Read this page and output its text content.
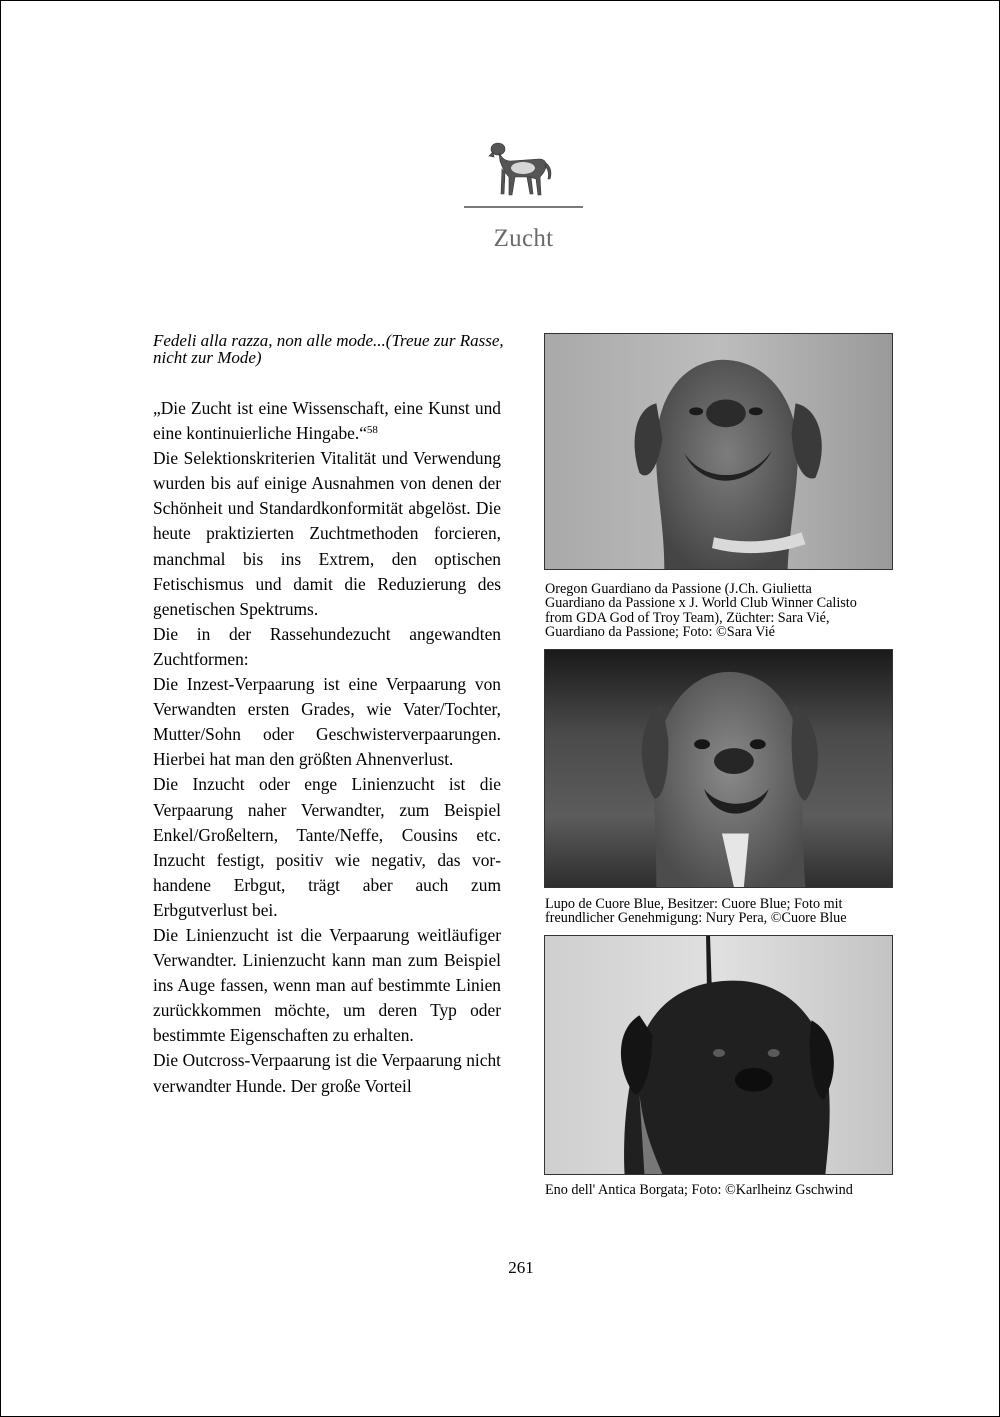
Zucht
Fedeli alla razza, non alle mode...(Treue zur Rasse, nicht zur Mode)

„Die Zucht ist eine Wissenschaft, eine Kunst und eine kontinuierliche Hingabe.“$^{58}$

Die Selektionskriterien Vitalität und Verwendung wurden bis auf einige Ausnahmen von denen der Schönheit und Standardkonformität abgelöst. Die heute praktizierten Zuchtmethoden forcieren, manchmal bis ins Extrem, den optischen Fetischismus und damit die Reduzierung des genetischen Spektrums.

Die in der Rassehundezucht angewandten Zuchtformen:

Die Inzest-Verpaarung ist eine Verpaarung von Verwandten ersten Grades, wie Vater/Tochter, Mutter/Sohn oder Geschwisterverpaarungen. Hierbei hat man den größten Ahnenverlust.

Die Inzucht oder enge Linienzucht ist die Verpaarung naher Verwandter, zum Beispiel Enkel/Großeltern, Tante/Neffe, Cousins etc. Inzucht festigt, positiv wie negativ, das vorhandene Erbgut, trägt aber auch zum Erbgutverlust bei.

Die Linienzucht ist die Verpaarung weitläufiger Verwandter. Linienzucht kann man zum Beispiel ins Auge fassen, wenn man auf bestimmte Linien zurückkommen möchte, um deren Typ oder bestimmte Eigenschaften zu erhalten.

Die Outcross-Verpaarung ist die Verpaarung nicht verwandter Hunde. Der große Vorteil

Oregon Guardiano da Passione (J.Ch. Giulietta
Guardiano da Passione x J. World Club Winner Calisto
from GDA God of Troy Team), Züchter: Sara Vié,
Guardiano da Passione; Foto: ©Sara Vié
Lupo de Cuore Blue, Besitzer: Cuore Blue; Foto mit
freundlicher Genehmigung: Nury Pera, ©Cuore Blue
Eno dell' Antica Borgata; Foto: ©Karlheinz Gschwind
261
